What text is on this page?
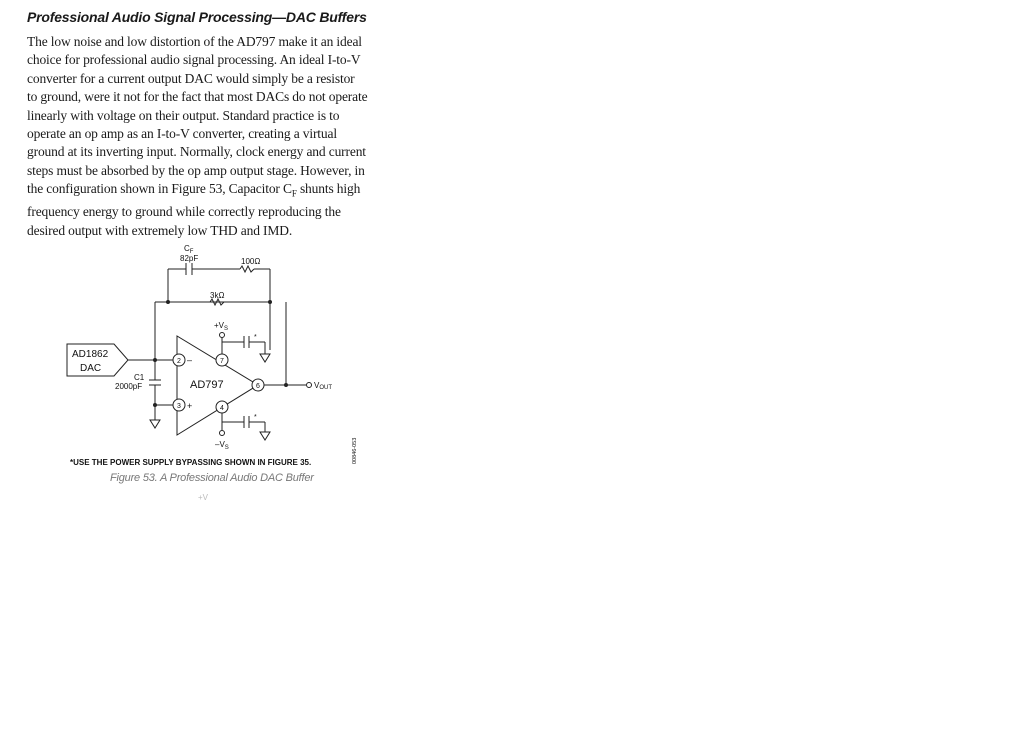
Professional Audio Signal Processing—DAC Buffers
The low noise and low distortion of the AD797 make it an ideal
choice for professional audio signal processing. An ideal I-to-V
converter for a current output DAC would simply be a resistor
to ground, were it not for the fact that most DACs do not operate
linearly with voltage on their output. Standard practice is to
operate an op amp as an I-to-V converter, creating a virtual
ground at its inverting input. Normally, clock energy and current
steps must be absorbed by the op amp output stage. However, in
the configuration shown in Figure 53, Capacitor $C_F$ shunts high
frequency energy to ground while correctly reproducing the
desired output with extremely low THD and IMD.
$C_F$
82pF	100Ω
3kΩ
AD1862
DAC
C1
2000pF	AD797
–
+
2
3
7
4
6
$+V_S$
$-V_S$
*
*
VOUT
*USE THE POWER SUPPLY BYPASSING SHOWN IN FIGURE 35.	00846-053

Figure 53. A Professional Audio DAC Buffer

+V
